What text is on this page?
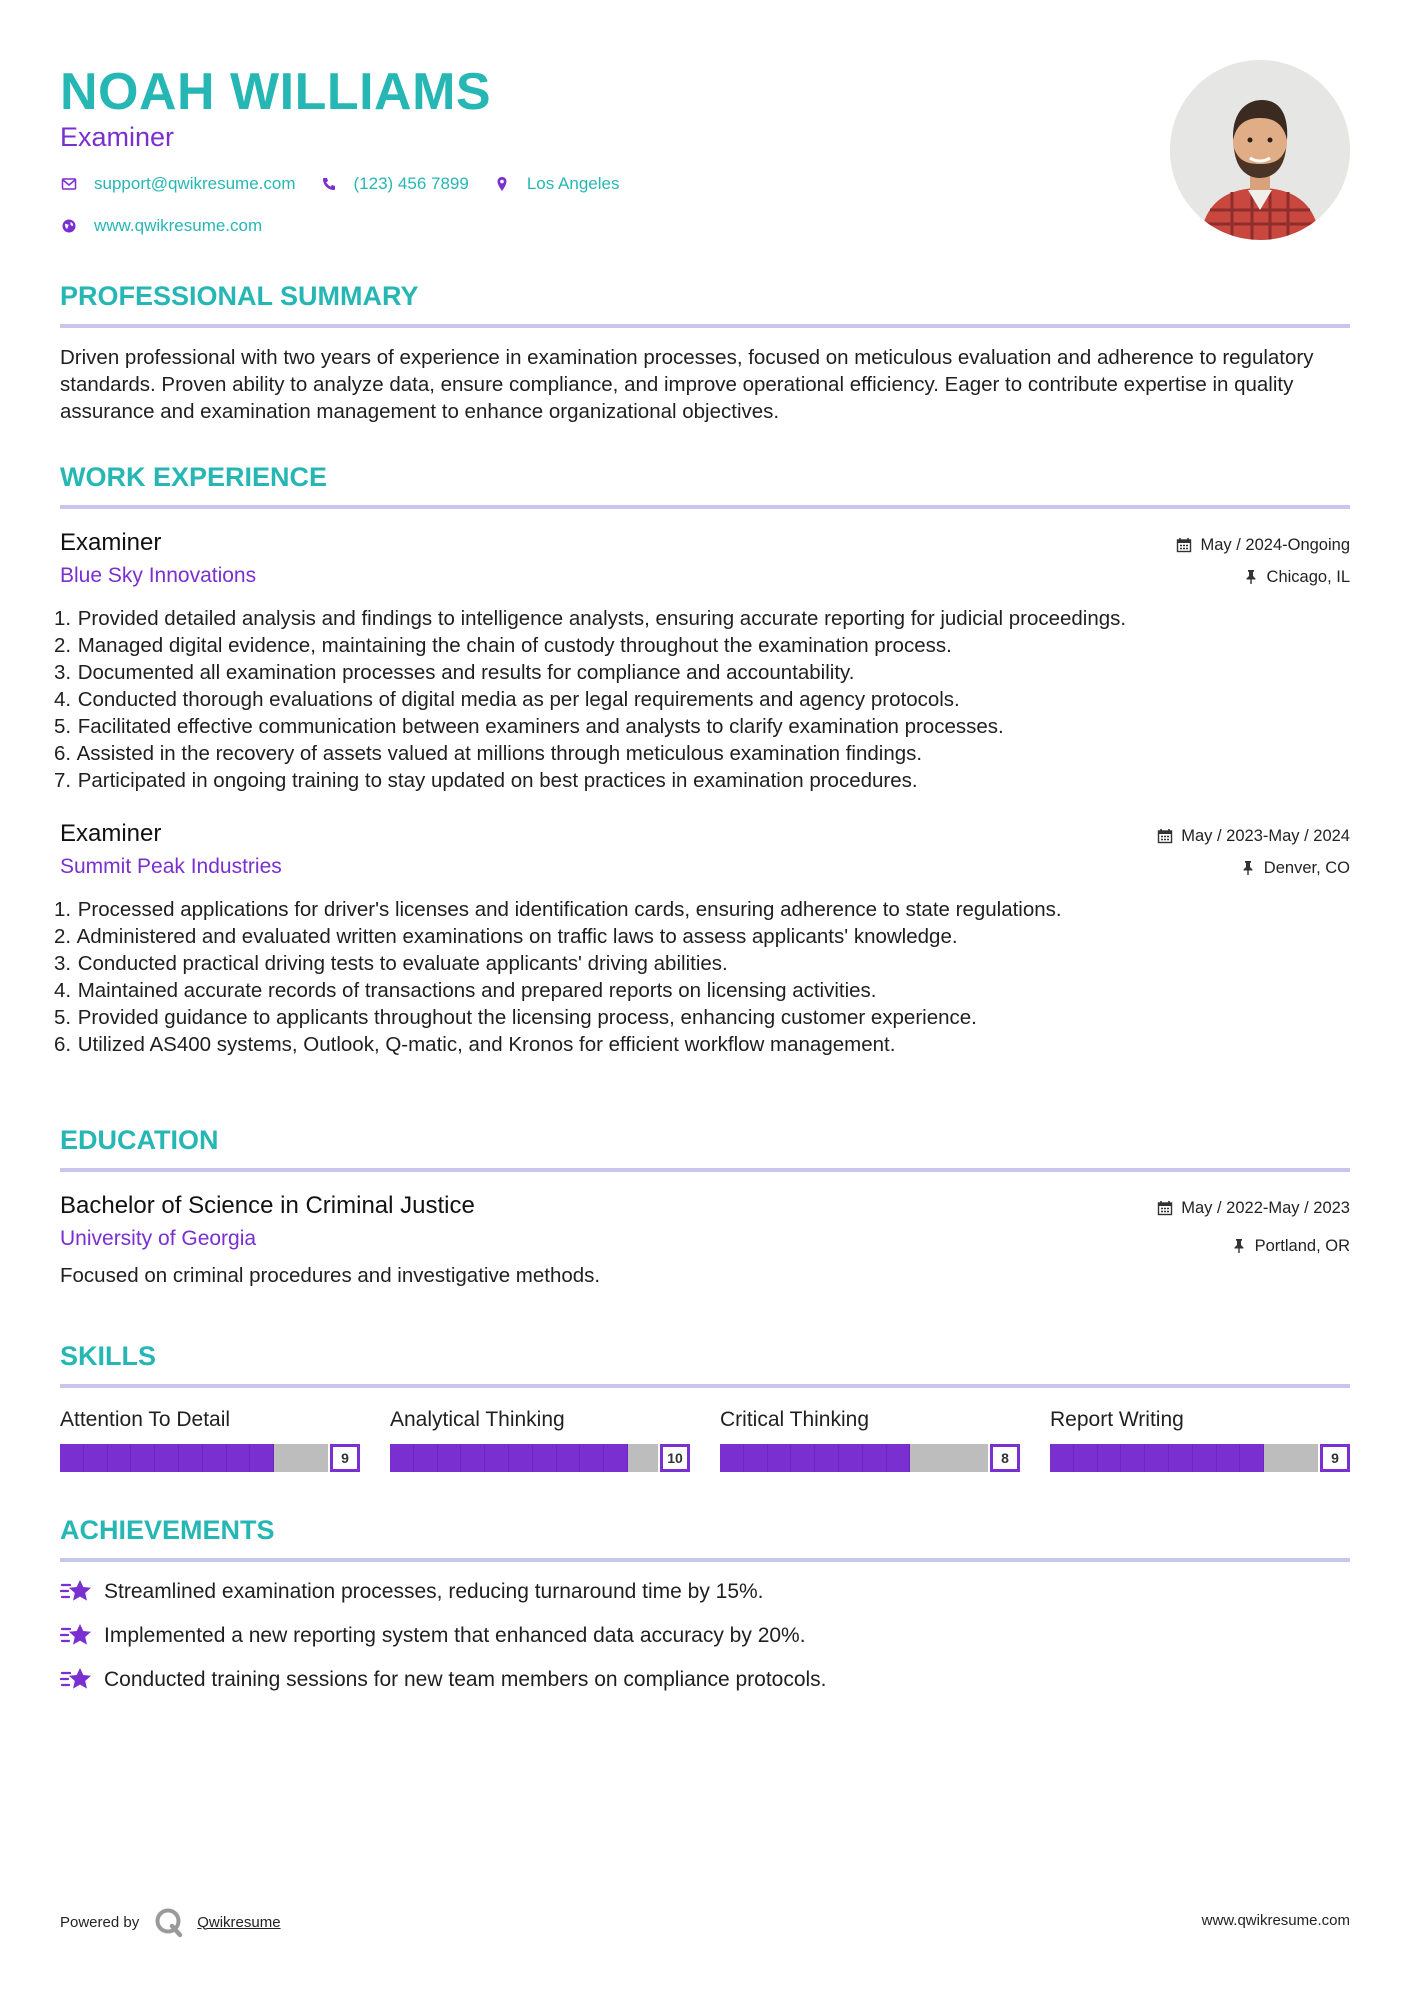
NOAH WILLIAMS
Examiner
support@qwikresume.com	(123) 456 7899	Los Angeles
www.qwikresume.com
PROFESSIONAL SUMMARY

Driven professional with two years of experience in examination processes, focused on meticulous evaluation and adherence to regulatory standards. Proven ability to analyze data, ensure compliance, and improve operational efficiency. Eager to contribute expertise in quality assurance and examination management to enhance organizational objectives.

WORK EXPERIENCE
Examiner
Blue Sky Innovations
May / 2024-Ongoing
Chicago, IL
1. Provided detailed analysis and findings to intelligence analysts, ensuring accurate reporting for judicial proceedings.
2. Managed digital evidence, maintaining the chain of custody throughout the examination process.
3. Documented all examination processes and results for compliance and accountability.
4. Conducted thorough evaluations of digital media as per legal requirements and agency protocols.
5. Facilitated effective communication between examiners and analysts to clarify examination processes.
6. Assisted in the recovery of assets valued at millions through meticulous examination findings.
7. Participated in ongoing training to stay updated on best practices in examination procedures.
Examiner
Summit Peak Industries
May / 2023-May / 2024
Denver, CO
1. Processed applications for driver's licenses and identification cards, ensuring adherence to state regulations.
2. Administered and evaluated written examinations on traffic laws to assess applicants' knowledge.
3. Conducted practical driving tests to evaluate applicants' driving abilities.
4. Maintained accurate records of transactions and prepared reports on licensing activities.
5. Provided guidance to applicants throughout the licensing process, enhancing customer experience.
6. Utilized AS400 systems, Outlook, Q-matic, and Kronos for efficient workflow management.
EDUCATION
Bachelor of Science in Criminal Justice
University of Georgia
May / 2022-May / 2023
Portland, OR
Focused on criminal procedures and investigative methods.
SKILLS
Attention To Detail
9
Analytical Thinking
10
Critical Thinking
8
Report Writing
9
ACHIEVEMENTS
Streamlined examination processes, reducing turnaround time by 15%.
Implemented a new reporting system that enhanced data accuracy by 20%.
Conducted training sessions for new team members on compliance protocols.
Powered by	Qwikresume	www.qwikresume.com
